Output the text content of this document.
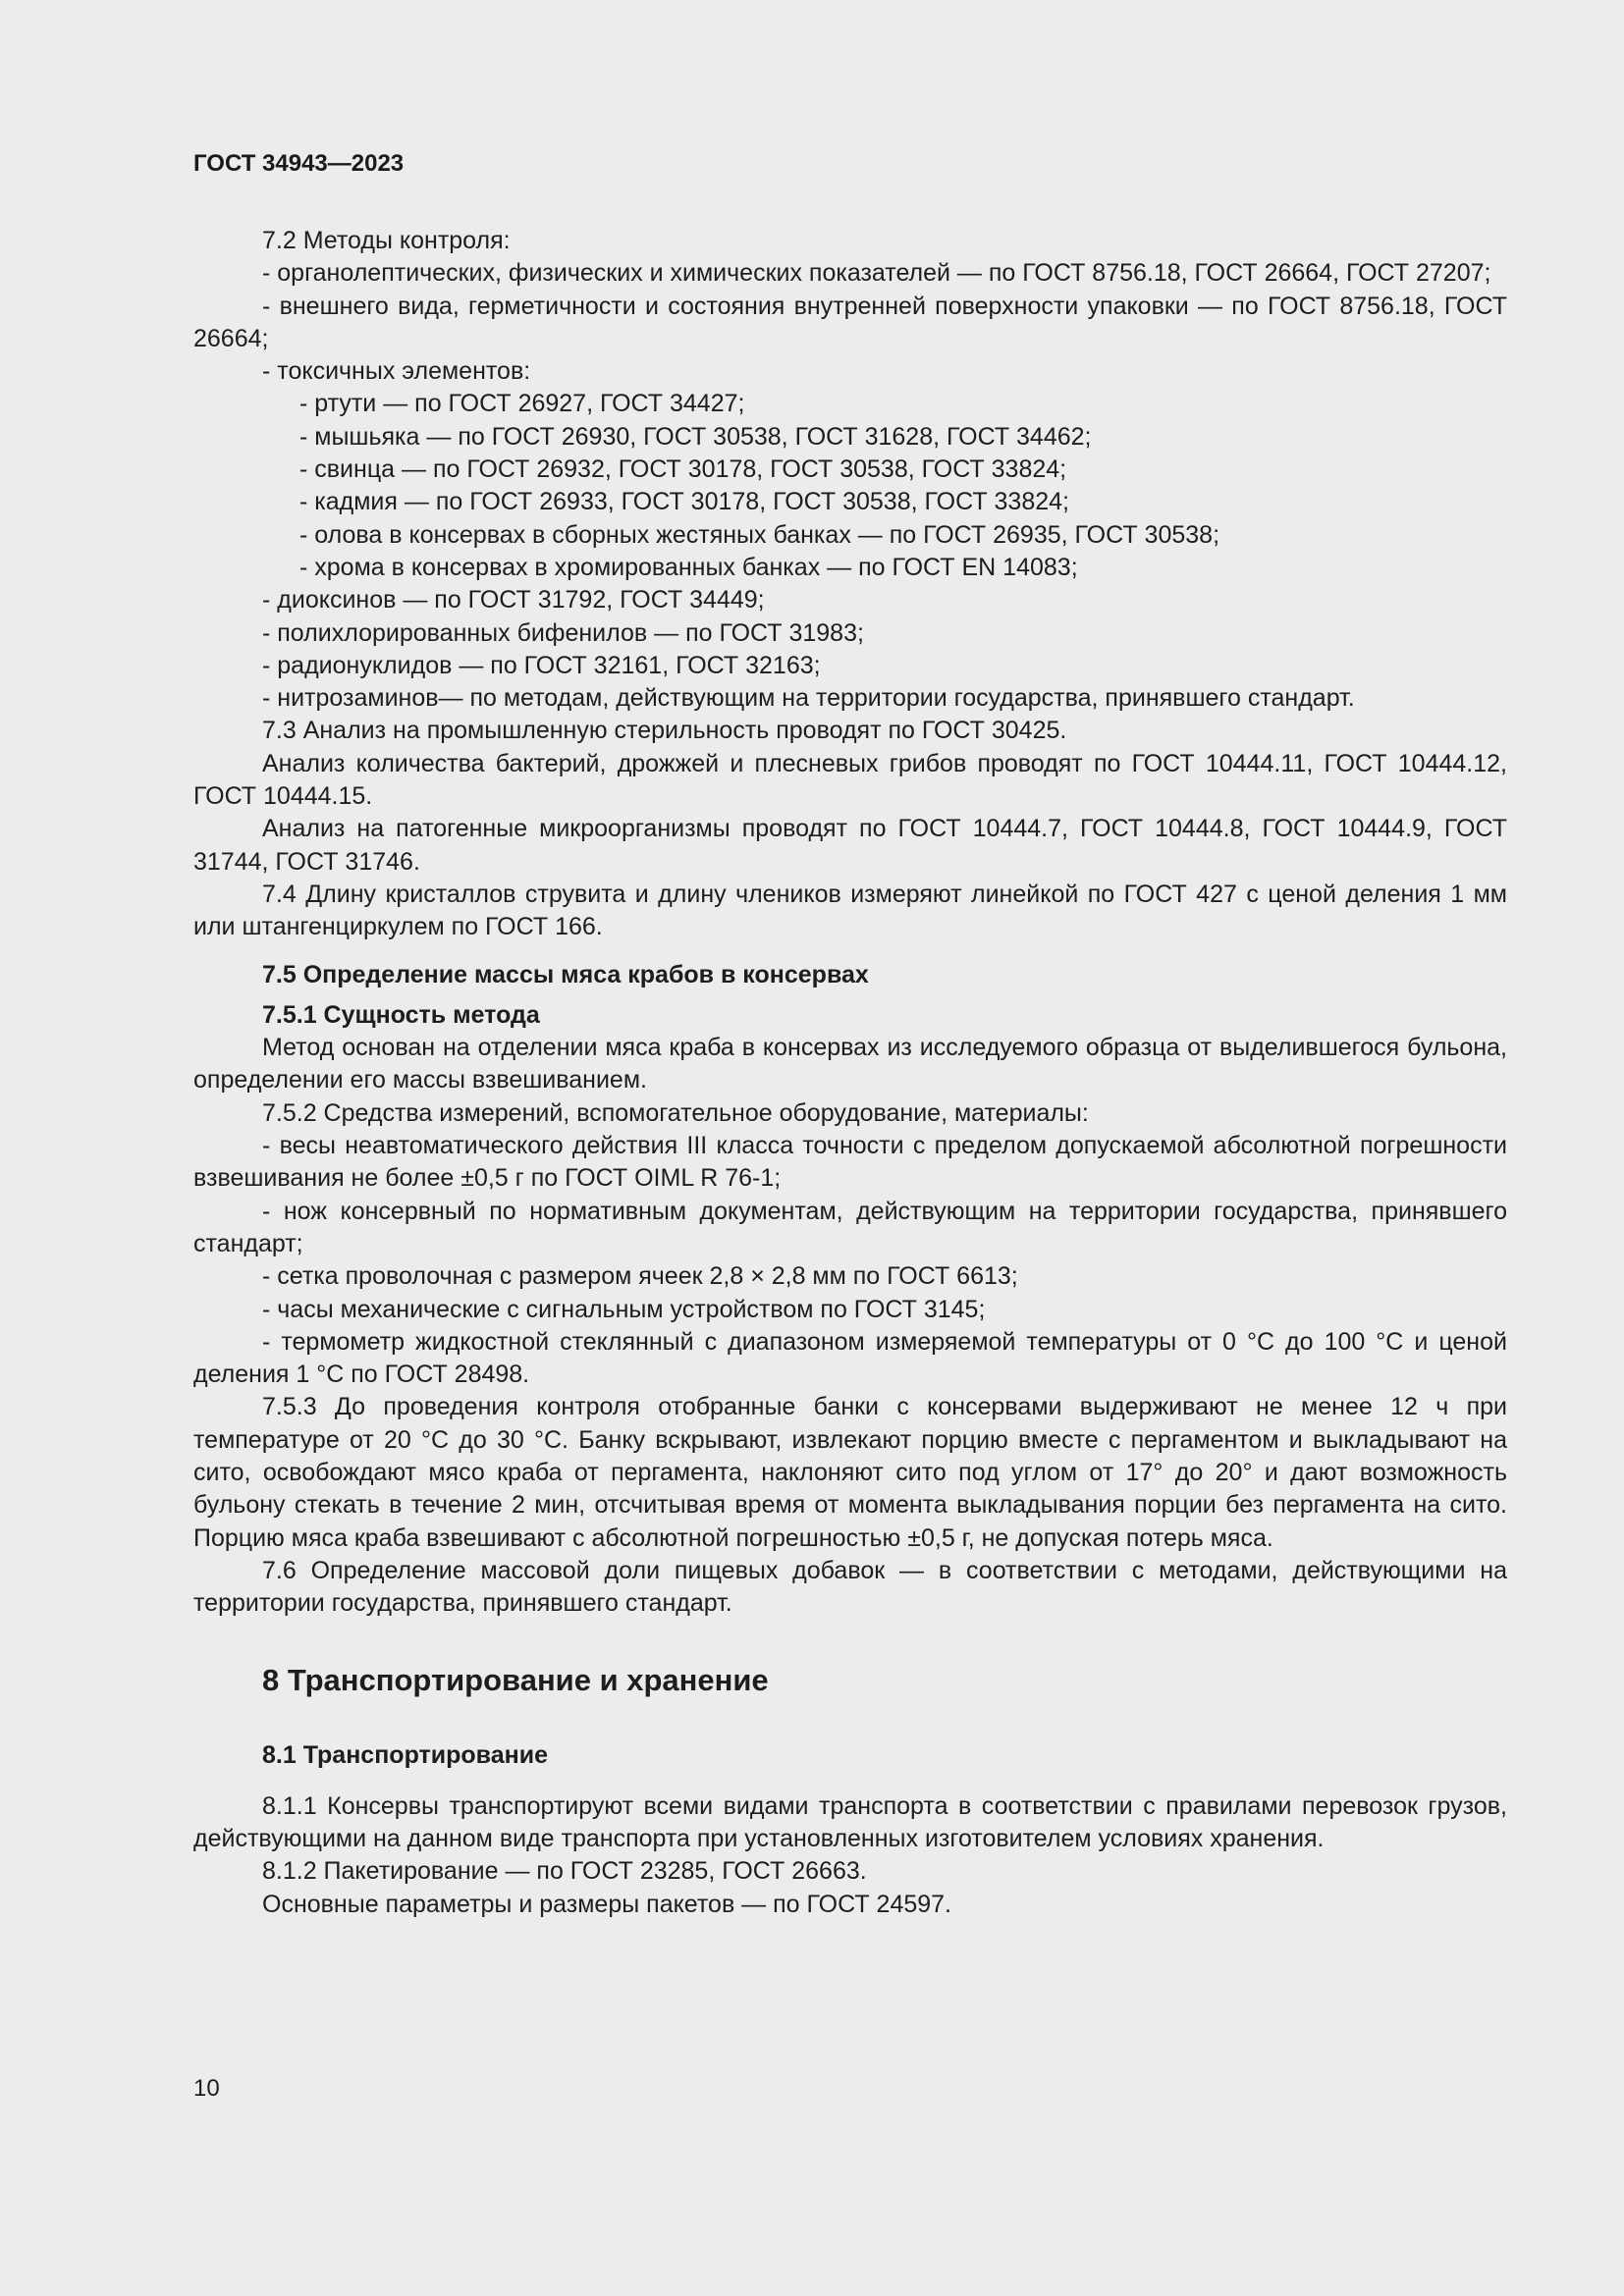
ГОСТ 34943—2023

7.2 Методы контроля:

- органолептических, физических и химических показателей — по ГОСТ 8756.18, ГОСТ 26664, ГОСТ 27207;

- внешнего вида, герметичности и состояния внутренней поверхности упаковки — по ГОСТ 8756.18, ГОСТ 26664;

- токсичных элементов:

- ртути — по ГОСТ 26927, ГОСТ 34427;

- мышьяка — по ГОСТ 26930, ГОСТ 30538, ГОСТ 31628, ГОСТ 34462;

- свинца — по ГОСТ 26932, ГОСТ 30178, ГОСТ 30538, ГОСТ 33824;

- кадмия — по ГОСТ 26933, ГОСТ 30178, ГОСТ 30538, ГОСТ 33824;

- олова в консервах в сборных жестяных банках — по ГОСТ 26935, ГОСТ 30538;

- хрома в консервах в хромированных банках — по ГОСТ EN 14083;

- диоксинов — по ГОСТ 31792, ГОСТ 34449;

- полихлорированных бифенилов — по ГОСТ 31983;

- радионуклидов — по ГОСТ 32161, ГОСТ 32163;

- нитрозаминов— по методам, действующим на территории государства, принявшего стандарт.

7.3 Анализ на промышленную стерильность проводят по ГОСТ 30425.

Анализ количества бактерий, дрожжей и плесневых грибов проводят по ГОСТ 10444.11, ГОСТ 10444.12, ГОСТ 10444.15.

Анализ на патогенные микроорганизмы проводят по ГОСТ 10444.7, ГОСТ 10444.8, ГОСТ 10444.9, ГОСТ 31744, ГОСТ 31746.

7.4 Длину кристаллов струвита и длину члеников измеряют линейкой по ГОСТ 427 с ценой деления 1 мм или штангенциркулем по ГОСТ 166.

7.5 Определение массы мяса крабов в консервах

7.5.1 Сущность метода

Метод основан на отделении мяса краба в консервах из исследуемого образца от выделившегося бульона, определении его массы взвешиванием.

7.5.2 Средства измерений, вспомогательное оборудование, материалы:

- весы неавтоматического действия III класса точности с пределом допускаемой абсолютной погрешности взвешивания не более ±0,5 г по ГОСТ OIML R 76-1;

- нож консервный по нормативным документам, действующим на территории государства, принявшего стандарт;

- сетка проволочная с размером ячеек 2,8 × 2,8 мм по ГОСТ 6613;

- часы механические с сигнальным устройством по ГОСТ 3145;

- термометр жидкостной стеклянный с диапазоном измеряемой температуры от 0 °С до 100 °С и ценой деления 1 °С по ГОСТ 28498.

7.5.3 До проведения контроля отобранные банки с консервами выдерживают не менее 12 ч при температуре от 20 °С до 30 °С. Банку вскрывают, извлекают порцию вместе с пергаментом и выкладывают на сито, освобождают мясо краба от пергамента, наклоняют сито под углом от 17° до 20° и дают возможность бульону стекать в течение 2 мин, отсчитывая время от момента выкладывания порции без пергамента на сито. Порцию мяса краба взвешивают с абсолютной погрешностью ±0,5 г, не допуская потерь мяса.

7.6 Определение массовой доли пищевых добавок — в соответствии с методами, действующими на территории государства, принявшего стандарт.

8 Транспортирование и хранение

8.1 Транспортирование

8.1.1 Консервы транспортируют всеми видами транспорта в соответствии с правилами перевозок грузов, действующими на данном виде транспорта при установленных изготовителем условиях хранения.

8.1.2 Пакетирование — по ГОСТ 23285, ГОСТ 26663.

Основные параметры и размеры пакетов — по ГОСТ 24597.

10
